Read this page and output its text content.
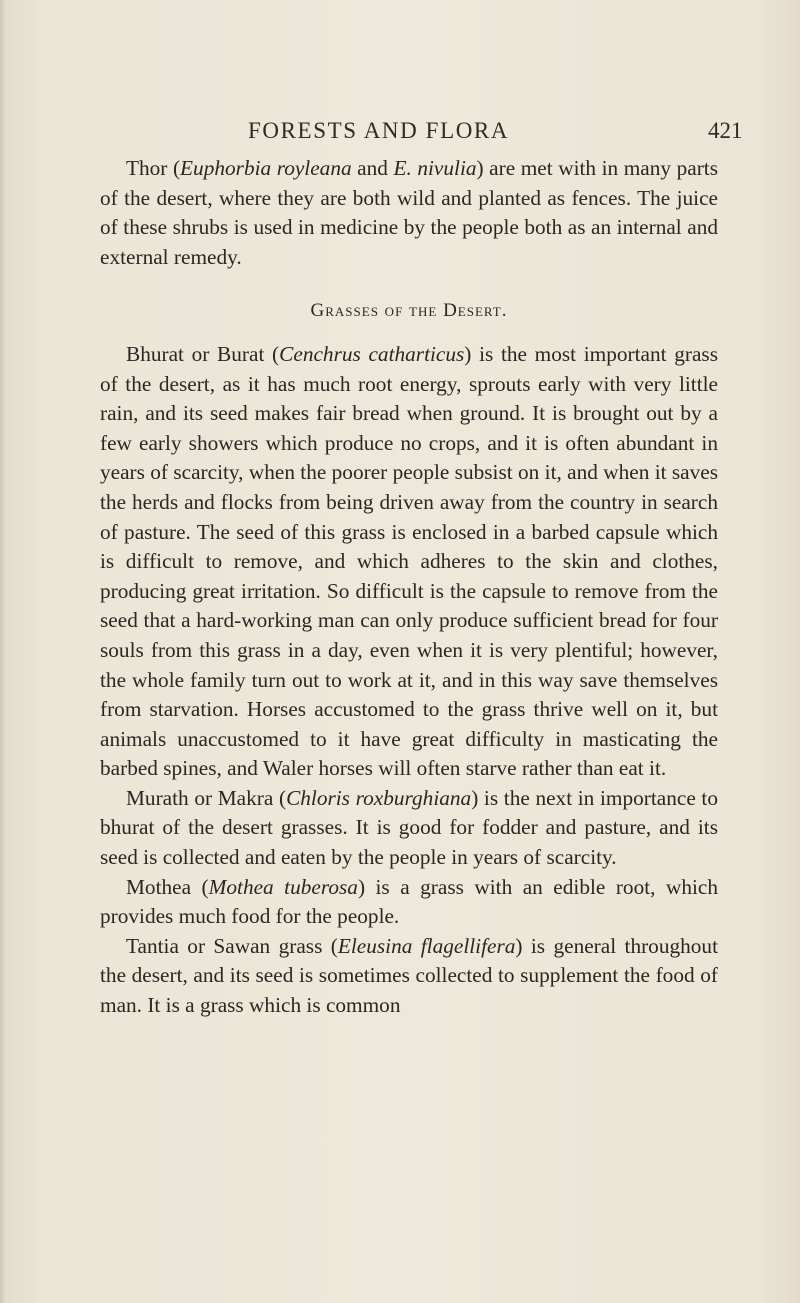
FORESTS AND FLORA	421

Thor (Euphorbia royleana and E. nivulia) are met with in many parts of the desert, where they are both wild and planted as fences. The juice of these shrubs is used in medicine by the people both as an internal and external remedy.

Grasses of the Desert.

Bhurat or Burat (Cenchrus catharticus) is the most important grass of the desert, as it has much root energy, sprouts early with very little rain, and its seed makes fair bread when ground. It is brought out by a few early showers which produce no crops, and it is often abundant in years of scarcity, when the poorer people subsist on it, and when it saves the herds and flocks from being driven away from the country in search of pasture. The seed of this grass is enclosed in a barbed capsule which is difficult to remove, and which adheres to the skin and clothes, producing great irritation. So difficult is the capsule to remove from the seed that a hard-working man can only produce sufficient bread for four souls from this grass in a day, even when it is very plentiful; however, the whole family turn out to work at it, and in this way save themselves from starvation. Horses accustomed to the grass thrive well on it, but animals unaccustomed to it have great difficulty in masticating the barbed spines, and Waler horses will often starve rather than eat it.

Murath or Makra (Chloris roxburghiana) is the next in importance to bhurat of the desert grasses. It is good for fodder and pasture, and its seed is collected and eaten by the people in years of scarcity.

Mothea (Mothea tuberosa) is a grass with an edible root, which provides much food for the people.

Tantia or Sawan grass (Eleusina flagellifera) is general throughout the desert, and its seed is sometimes collected to supplement the food of man. It is a grass which is common
